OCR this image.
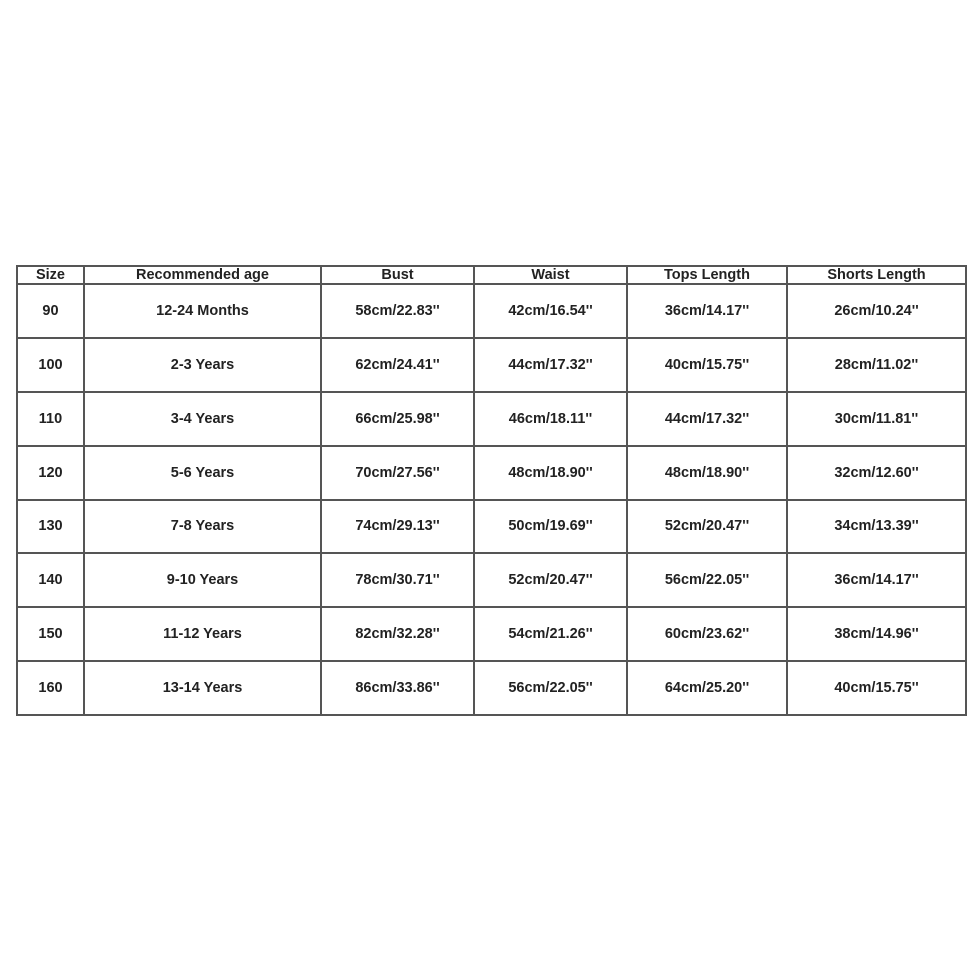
Size	Recommended age	Bust	Waist	Tops Length	Shorts Length
90	12-24 Months	58cm/22.83''	42cm/16.54''	36cm/14.17''	26cm/10.24''
100	2-3 Years	62cm/24.41''	44cm/17.32''	40cm/15.75''	28cm/11.02''
110	3-4 Years	66cm/25.98''	46cm/18.11''	44cm/17.32''	30cm/11.81''
120	5-6 Years	70cm/27.56''	48cm/18.90''	48cm/18.90''	32cm/12.60''
130	7-8 Years	74cm/29.13''	50cm/19.69''	52cm/20.47''	34cm/13.39''
140	9-10 Years	78cm/30.71''	52cm/20.47''	56cm/22.05''	36cm/14.17''
150	11-12 Years	82cm/32.28''	54cm/21.26''	60cm/23.62''	38cm/14.96''
160	13-14 Years	86cm/33.86''	56cm/22.05''	64cm/25.20''	40cm/15.75''
